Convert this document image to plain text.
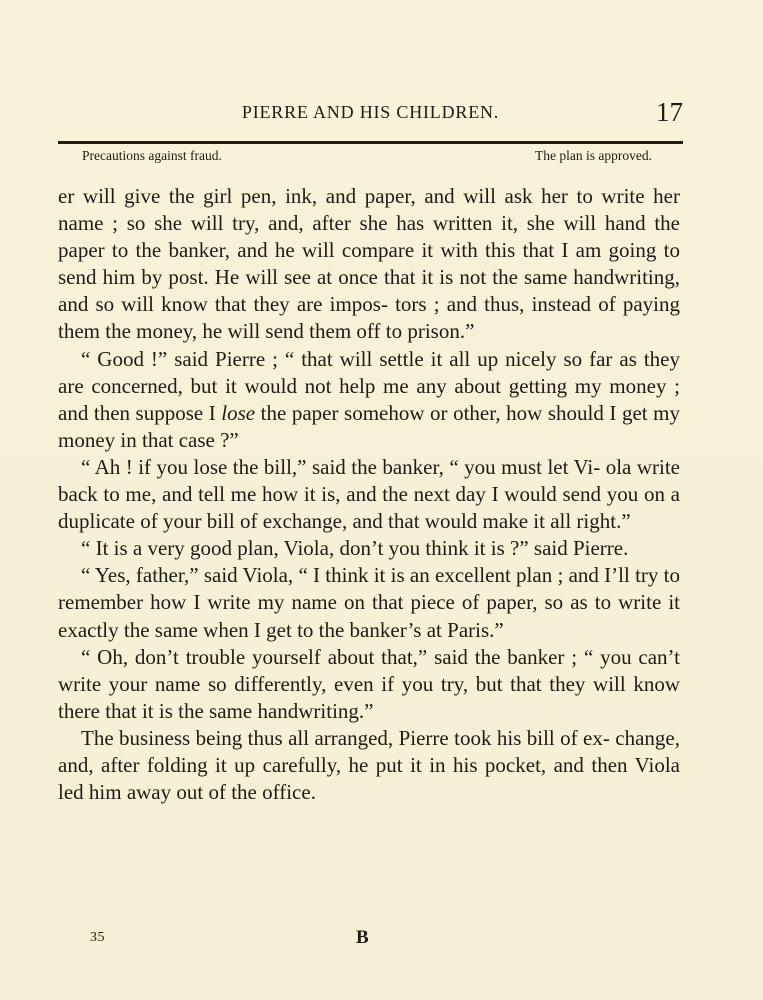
PIERRE AND HIS CHILDREN.	17
Precautions against fraud.	The plan is approved.

er will give the girl pen, ink, and paper, and will ask her to write her name ; so she will try, and, after she has written it, she will hand the paper to the banker, and he will compare it with this that I am going to send him by post. He will see at once that it is not the same handwriting, and so will know that they are impos- tors ; and thus, instead of paying them the money, he will send them off to prison.”

“ Good !” said Pierre ; “ that will settle it all up nicely so far as they are concerned, but it would not help me any about getting my money ; and then suppose I lose the paper somehow or other, how should I get my money in that case ?”

“ Ah ! if you lose the bill,” said the banker, “ you must let Vi- ola write back to me, and tell me how it is, and the next day I would send you on a duplicate of your bill of exchange, and that would make it all right.”

“ It is a very good plan, Viola, don’t you think it is ?” said Pierre.

“ Yes, father,” said Viola, “ I think it is an excellent plan ; and I’ll try to remember how I write my name on that piece of paper, so as to write it exactly the same when I get to the banker’s at Paris.”

“ Oh, don’t trouble yourself about that,” said the banker ; “ you can’t write your name so differently, even if you try, but that they will know there that it is the same handwriting.”

The business being thus all arranged, Pierre took his bill of ex- change, and, after folding it up carefully, he put it in his pocket, and then Viola led him away out of the office.

35	B
